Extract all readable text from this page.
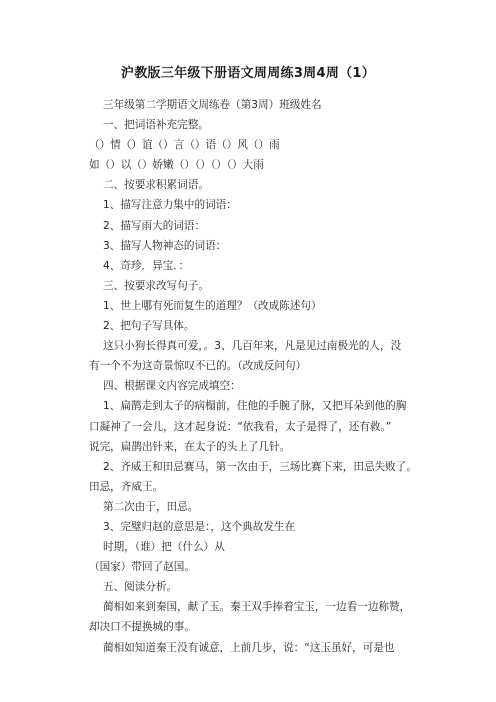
沪教版三年级下册语文周周练3周4周（1）
三年级第二学期语文周练卷（第3周）班级姓名
一、把词语补充完整。
（）情（）谊（）言（）语（）风（）雨
如（）以（）娇嫩（）（）（）（）大雨
二、按要求积累词语。
1、描写注意力集中的词语：
2、描写雨大的词语：
3、描写人物神态的词语：
4、奇珍．异宝．：
三、按要求改写句子。
1、世上哪有死而复生的道理？（改成陈述句）
2、把句子写具体。
这只小狗长得真可爱，。3、几百年来，凡是见过南极光的人，没
有一个不为这奇景惊叹不已的。（改成反问句）
四、根据课文内容完成填空：
1、扁鹊走到太子的病榻前，住他的手腕了脉，又把耳朵到他的胸
口凝神了一会儿，这才起身说：“依我看，太子是得了，还有救。”
说完，扁鹊出针来，在太子的头上了几针。
2、齐威王和田忌赛马，第一次由于，三场比赛下来，田忌失败了。
田忌，齐威王。
第二次由于，田忌。
3、完璧归赵的意思是：，这个典故发生在
时期，（谁）把（什么）从
（国家）带回了赵国。
五、阅读分析。
蔺相如来到秦国，献了玉。秦王双手捧着宝玉，一边看一边称赞，
却决口不提换城的事。
蔺相如知道秦王没有诚意，上前几步，说：“这玉虽好，可是也
